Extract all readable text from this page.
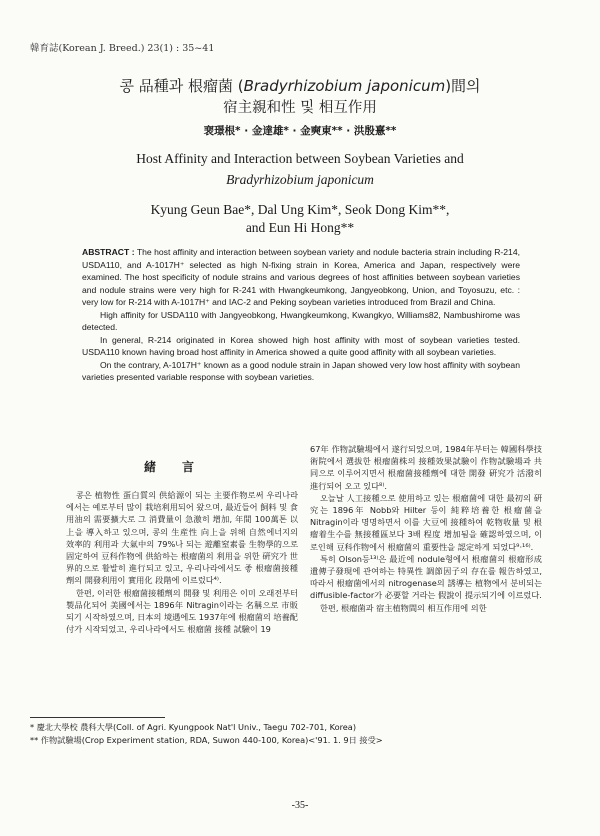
韓育誌(Korean J. Breed.) 23(1) : 35~41
콩 品種과 根瘤菌 (Bradyrhizobium japonicum)間의
宿主親和性 및 相互作用
裵璟根* · 金達雄* · 金奭東** · 洪殷憙**
Host Affinity and Interaction between Soybean Varieties and
Bradyrhizobium japonicum
Kyung Geun Bae*, Dal Ung Kim*, Seok Dong Kim**,
and Eun Hi Hong**

ABSTRACT : The host affinity and interaction between soybean variety and nodule bacteria strain including R-214, USDA110, and A-1017H⁺ selected as high N-fixing strain in Korea, America and Japan, respectively were examined. The host specificity of nodule strains and various degrees of host affinities between soybean varieties and nodule strains were very high for R-241 with Hwangkeumkong, Jangyeobkong, Union, and Toyosuzu, etc. : very low for R-214 with A-1017H⁺ and IAC-2 and Peking soybean varieties introduced from Brazil and China.

High affinity for USDA110 with Jangyeobkong, Hwangkeumkong, Kwangkyo, Williams82, Nambushirome was detected.

In general, R-214 originated in Korea showed high host affinity with most of soybean varieties tested. USDA110 known having broad host affinity in America showed a quite good affinity with all soybean varieties.

On the contrary, A-1017H⁺ known as a good nodule strain in Japan showed very low host affinity with soybean varieties presented variable response with soybean varieties.

緒言

콩은 植物性 蛋白質의 供給源이 되는 主要作物로써 우리나라에서는 예로부터 많이 栽培利用되어 왔으며, 最近들어 飼料 및 食用油의 需要擴大로 그 消費量이 急激히 增加, 年間 100萬톤 以上을 導入하고 있으며, 콩의 生産性 向上을 위해 自然에너지의 效率的 利用과 大氣中의 79%나 되는 遊離窒素를 生物學的으로 固定하여 豆科作物에 供給하는 根瘤菌의 利用을 위한 硏究가 世界的으로 활발히 進行되고 있고, 우리나라에서도 좋 根瘤菌接種劑의 開發利用이 實用化 段階에 이르렀다⁴⁾.

한편, 이러한 根瘤菌接種劑의 開發 및 利用은 이미 오래전부터 製品化되어 美國에서는 1896年 Nitragin이라는 名稱으로 市販되기 시작하였으며, 日本의 境遇에도 1937年에 根瘤菌의 培養配付가 시작되었고, 우리나라에서도 根瘤菌 接種 試驗이 19

67年 作物試驗場에서 遂行되었으며, 1984年부터는 韓國科學技術院에서 選拔한 根瘤菌株의 接種效果試驗이 作物試驗場과 共同으로 이루어지면서 根瘤菌接種劑에 대한 開發 硏究가 活潑히 進行되어 오고 있다⁸⁾.

오늘날 人工接種으로 使用하고 있는 根瘤菌에 대한 最初의 硏究는 1896年 Nobb와 Hilter 등이 純粹培養한 根瘤菌을 Nitragin이라 명명하면서 이를 大豆에 接種하여 乾物收量 및 根瘤着生수를 無接種區보다 3배 程度 增加됨을 確認하였으며, 이로인해 豆科作物에서 根瘤菌의 重要性을 認定하게 되었다⁹·¹⁶⁾.

특히 Olson등¹³⁾은 最近에 nodule형에서 根瘤菌의 根瘤形成遺傳子發現에 관여하는 特異性 調節因子의 存在를 報告하였고, 따라서 根瘤菌에서의 nitrogenase의 誘導는 植物에서 분비되는 diffusible-factor가 必要할 거라는 假說이 提示되기에 이르렀다.

한편, 根瘤菌과 宿主植物間의 相互作用에 의한

* 慶北大學校 農科大學(Coll. of Agri. Kyungpook Nat'l Univ., Taegu 702-701, Korea)

** 作物試驗場(Crop Experiment station, RDA, Suwon 440-100, Korea)<'91. 1. 9日 接受>

-35-
